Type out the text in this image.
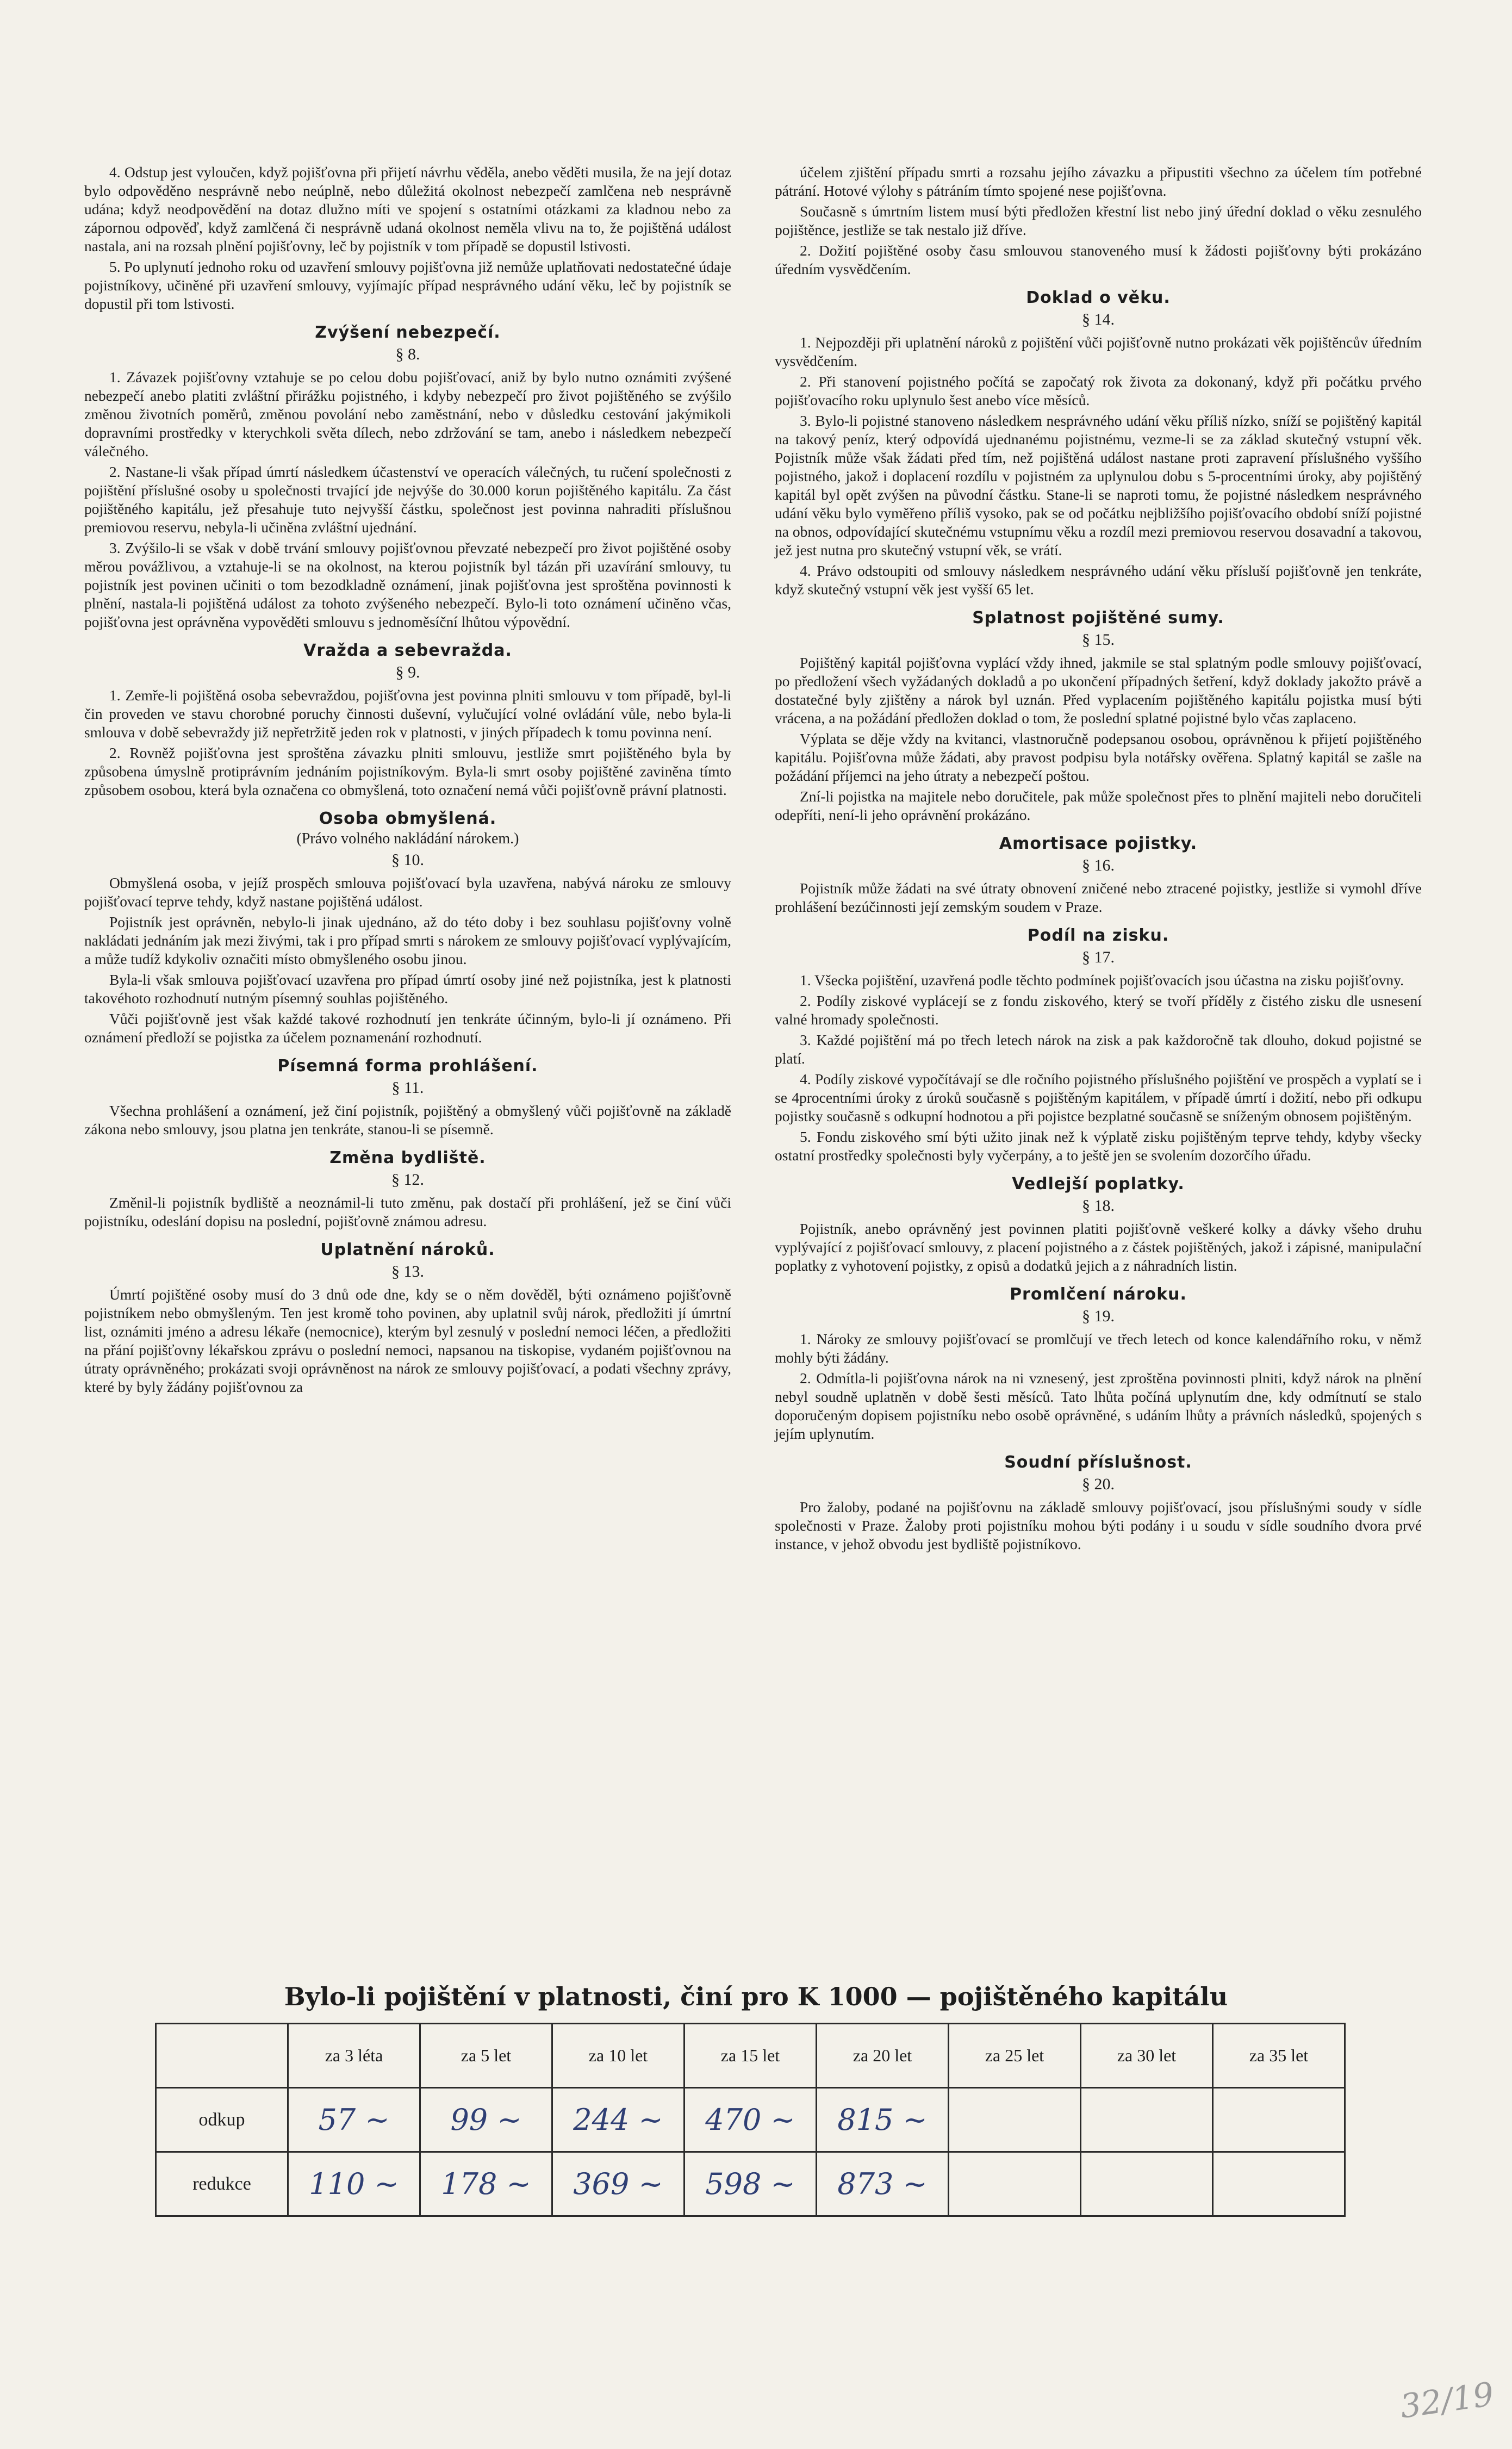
4. Odstup jest vyloučen, když pojišťovna při přijetí návrhu věděla, anebo věděti musila, že na její dotaz bylo odpověděno nesprávně nebo neúplně, nebo důležitá okolnost nebezpečí zamlčena neb nesprávně udána; když neodpovědění na dotaz dlužno míti ve spojení s ostatními otázkami za kladnou nebo za zápornou odpověď, když zamlčená či nesprávně udaná okolnost neměla vlivu na to, že pojištěná událost nastala, ani na rozsah plnění pojišťovny, leč by pojistník v tom případě se dopustil lstivosti.

5. Po uplynutí jednoho roku od uzavření smlouvy pojišťovna již nemůže uplatňovati nedostatečné údaje pojistníkovy, učiněné při uzavření smlouvy, vyjímajíc případ nesprávného udání věku, leč by pojistník se dopustil při tom lstivosti.

Zvýšení nebezpečí.

§ 8.

1. Závazek pojišťovny vztahuje se po celou dobu pojišťovací, aniž by bylo nutno oznámiti zvýšené nebezpečí anebo platiti zvláštní přirážku pojistného, i kdyby nebezpečí pro život pojištěného se zvýšilo změnou životních poměrů, změnou povolání nebo zaměstnání, nebo v důsledku cestování jakýmikoli dopravními prostředky v kterychkoli světa dílech, nebo zdržování se tam, anebo i následkem nebezpečí válečného.

2. Nastane-li však případ úmrtí následkem účastenství ve operacích válečných, tu ručení společnosti z pojištění příslušné osoby u společnosti trvající jde nejvýše do 30.000 korun pojištěného kapitálu. Za část pojištěného kapitálu, jež přesahuje tuto nejvyšší částku, společnost jest povinna nahraditi příslušnou premiovou reservu, nebyla-li učiněna zvláštní ujednání.

3. Zvýšilo-li se však v době trvání smlouvy pojišťovnou převzaté nebezpečí pro život pojištěné osoby měrou povážlivou, a vztahuje-li se na okolnost, na kterou pojistník byl tázán při uzavírání smlouvy, tu pojistník jest povinen učiniti o tom bezodkladně oznámení, jinak pojišťovna jest sproštěna povinnosti k plnění, nastala-li pojištěná událost za tohoto zvýšeného nebezpečí. Bylo-li toto oznámení učiněno včas, pojišťovna jest oprávněna vypověděti smlouvu s jednoměsíční lhůtou výpovědní.

Vražda a sebevražda.

§ 9.

1. Zemře-li pojištěná osoba sebevraždou, pojišťovna jest povinna plniti smlouvu v tom případě, byl-li čin proveden ve stavu chorobné poruchy činnosti duševní, vylučující volné ovládání vůle, nebo byla-li smlouva v době sebevraždy již nepřetržitě jeden rok v platnosti, v jiných případech k tomu povinna není.

2. Rovněž pojišťovna jest sproštěna závazku plniti smlouvu, jestliže smrt pojištěného byla by způsobena úmyslně protiprávním jednáním pojistníkovým. Byla-li smrt osoby pojištěné zaviněna tímto způsobem osobou, která byla označena co obmyšlená, toto označení nemá vůči pojišťovně právní platnosti.

Osoba obmyšlená.

(Právo volného nakládání nárokem.)

§ 10.

Obmyšlená osoba, v jejíž prospěch smlouva pojišťovací byla uzavřena, nabývá nároku ze smlouvy pojišťovací teprve tehdy, když nastane pojištěná událost.

Pojistník jest oprávněn, nebylo-li jinak ujednáno, až do této doby i bez souhlasu pojišťovny volně nakládati jednáním jak mezi živými, tak i pro případ smrti s nárokem ze smlouvy pojišťovací vyplývajícím, a může tudíž kdykoliv označiti místo obmyšleného osobu jinou.

Byla-li však smlouva pojišťovací uzavřena pro případ úmrtí osoby jiné než pojistníka, jest k platnosti takovéhoto rozhodnutí nutným písemný souhlas pojištěného.

Vůči pojišťovně jest však každé takové rozhodnutí jen tenkráte účinným, bylo-li jí oznámeno. Při oznámení předloží se pojistka za účelem poznamenání rozhodnutí.

Písemná forma prohlášení.

§ 11.

Všechna prohlášení a oznámení, jež činí pojistník, pojištěný a obmyšlený vůči pojišťovně na základě zákona nebo smlouvy, jsou platna jen tenkráte, stanou-li se písemně.

Změna bydliště.

§ 12.

Změnil-li pojistník bydliště a neoznámil-li tuto změnu, pak dostačí při prohlášení, jež se činí vůči pojistníku, odeslání dopisu na poslední, pojišťovně známou adresu.

Uplatnění nároků.

§ 13.

Úmrtí pojištěné osoby musí do 3 dnů ode dne, kdy se o něm dověděl, býti oznámeno pojišťovně pojistníkem nebo obmyšleným. Ten jest kromě toho povinen, aby uplatnil svůj nárok, předložiti jí úmrtní list, oznámiti jméno a adresu lékaře (nemocnice), kterým byl zesnulý v poslední nemoci léčen, a předložiti na přání pojišťovny lékařskou zprávu o poslední nemoci, napsanou na tiskopise, vydaném pojišťovnou na útraty oprávněného; prokázati svoji oprávněnost na nárok ze smlouvy pojišťovací, a podati všechny zprávy, které by byly žádány pojišťovnou za

účelem zjištění případu smrti a rozsahu jejího závazku a připustiti všechno za účelem tím potřebné pátrání. Hotové výlohy s pátráním tímto spojené nese pojišťovna.

Současně s úmrtním listem musí býti předložen křestní list nebo jiný úřední doklad o věku zesnulého pojištěnce, jestliže se tak nestalo již dříve.

2. Dožití pojištěné osoby času smlouvou stanoveného musí k žádosti pojišťovny býti prokázáno úředním vysvědčením.

Doklad o věku.

§ 14.

1. Nejpozději při uplatnění nároků z pojištění vůči pojišťovně nutno prokázati věk pojištěncův úředním vysvědčením.

2. Při stanovení pojistného počítá se započatý rok života za dokonaný, když při počátku prvého pojišťovacího roku uplynulo šest anebo více měsíců.

3. Bylo-li pojistné stanoveno následkem nesprávného udání věku příliš nízko, sníží se pojištěný kapitál na takový peníz, který odpovídá ujednanému pojistnému, vezme-li se za základ skutečný vstupní věk. Pojistník může však žádati před tím, než pojištěná událost nastane proti zapravení příslušného vyššího pojistného, jakož i doplacení rozdílu v pojistném za uplynulou dobu s 5-procentními úroky, aby pojištěný kapitál byl opět zvýšen na původní částku. Stane-li se naproti tomu, že pojistné následkem nesprávného udání věku bylo vyměřeno příliš vysoko, pak se od počátku nejbližšího pojišťovacího období sníží pojistné na obnos, odpovídající skutečnému vstupnímu věku a rozdíl mezi premiovou reservou dosavadní a takovou, jež jest nutna pro skutečný vstupní věk, se vrátí.

4. Právo odstoupiti od smlouvy následkem nesprávného udání věku přísluší pojišťovně jen tenkráte, když skutečný vstupní věk jest vyšší 65 let.

Splatnost pojištěné sumy.

§ 15.

Pojištěný kapitál pojišťovna vyplácí vždy ihned, jakmile se stal splatným podle smlouvy pojišťovací, po předložení všech vyžádaných dokladů a po ukončení případných šetření, když doklady jakožto právě a dostatečné byly zjištěny a nárok byl uznán. Před vyplacením pojištěného kapitálu pojistka musí býti vrácena, a na požádání předložen doklad o tom, že poslední splatné pojistné bylo včas zaplaceno.

Výplata se děje vždy na kvitanci, vlastnoručně podepsanou osobou, oprávněnou k přijetí pojištěného kapitálu. Pojišťovna může žádati, aby pravost podpisu byla notářsky ověřena. Splatný kapitál se zašle na požádání příjemci na jeho útraty a nebezpečí poštou.

Zní-li pojistka na majitele nebo doručitele, pak může společnost přes to plnění majiteli nebo doručiteli odepříti, není-li jeho oprávnění prokázáno.

Amortisace pojistky.

§ 16.

Pojistník může žádati na své útraty obnovení zničené nebo ztracené pojistky, jestliže si vymohl dříve prohlášení bezúčinnosti její zemským soudem v Praze.

Podíl na zisku.

§ 17.

1. Všecka pojištění, uzavřená podle těchto podmínek pojišťovacích jsou účastna na zisku pojišťovny.

2. Podíly ziskové vyplácejí se z fondu ziskového, který se tvoří příděly z čistého zisku dle usnesení valné hromady společnosti.

3. Každé pojištění má po třech letech nárok na zisk a pak každoročně tak dlouho, dokud pojistné se platí.

4. Podíly ziskové vypočítávají se dle ročního pojistného příslušného pojištění ve prospěch a vyplatí se i se 4procentními úroky z úroků současně s pojištěným kapitálem, v případě úmrtí i dožití, nebo při odkupu pojistky současně s odkupní hodnotou a při pojistce bezplatné současně se sníženým obnosem pojištěným.

5. Fondu ziskového smí býti užito jinak než k výplatě zisku pojištěným teprve tehdy, kdyby všecky ostatní prostředky společnosti byly vyčerpány, a to ještě jen se svolením dozorčího úřadu.

Vedlejší poplatky.

§ 18.

Pojistník, anebo oprávněný jest povinnen platiti pojišťovně veškeré kolky a dávky všeho druhu vyplývající z pojišťovací smlouvy, z placení pojistného a z částek pojištěných, jakož i zápisné, manipulační poplatky z vyhotovení pojistky, z opisů a dodatků jejich a z náhradních listin.

Promlčení nároku.

§ 19.

1. Nároky ze smlouvy pojišťovací se promlčují ve třech letech od konce kalendářního roku, v němž mohly býti žádány.

2. Odmítla-li pojišťovna nárok na ni vznesený, jest zproštěna povinnosti plniti, když nárok na plnění nebyl soudně uplatněn v době šesti měsíců. Tato lhůta počíná uplynutím dne, kdy odmítnutí se stalo doporučeným dopisem pojistníku nebo osobě oprávněné, s udáním lhůty a právních následků, spojených s jejím uplynutím.

Soudní příslušnost.

§ 20.

Pro žaloby, podané na pojišťovnu na základě smlouvy pojišťovací, jsou příslušnými soudy v sídle společnosti v Praze. Žaloby proti pojistníku mohou býti podány i u soudu v sídle soudního dvora prvé instance, v jehož obvodu jest bydliště pojistníkovo.

Bylo-li pojištění v platnosti, činí pro K 1000 — pojištěného kapitálu
	za 3 léta	za 5 let	za 10 let	za 15 let	za 20 let	za 25 let	za 30 let	za 35 let
odkup	57 ~	99 ~	244 ~	470 ~	815 ~			
redukce	110 ~	178 ~	369 ~	598 ~	873 ~			
32/19
